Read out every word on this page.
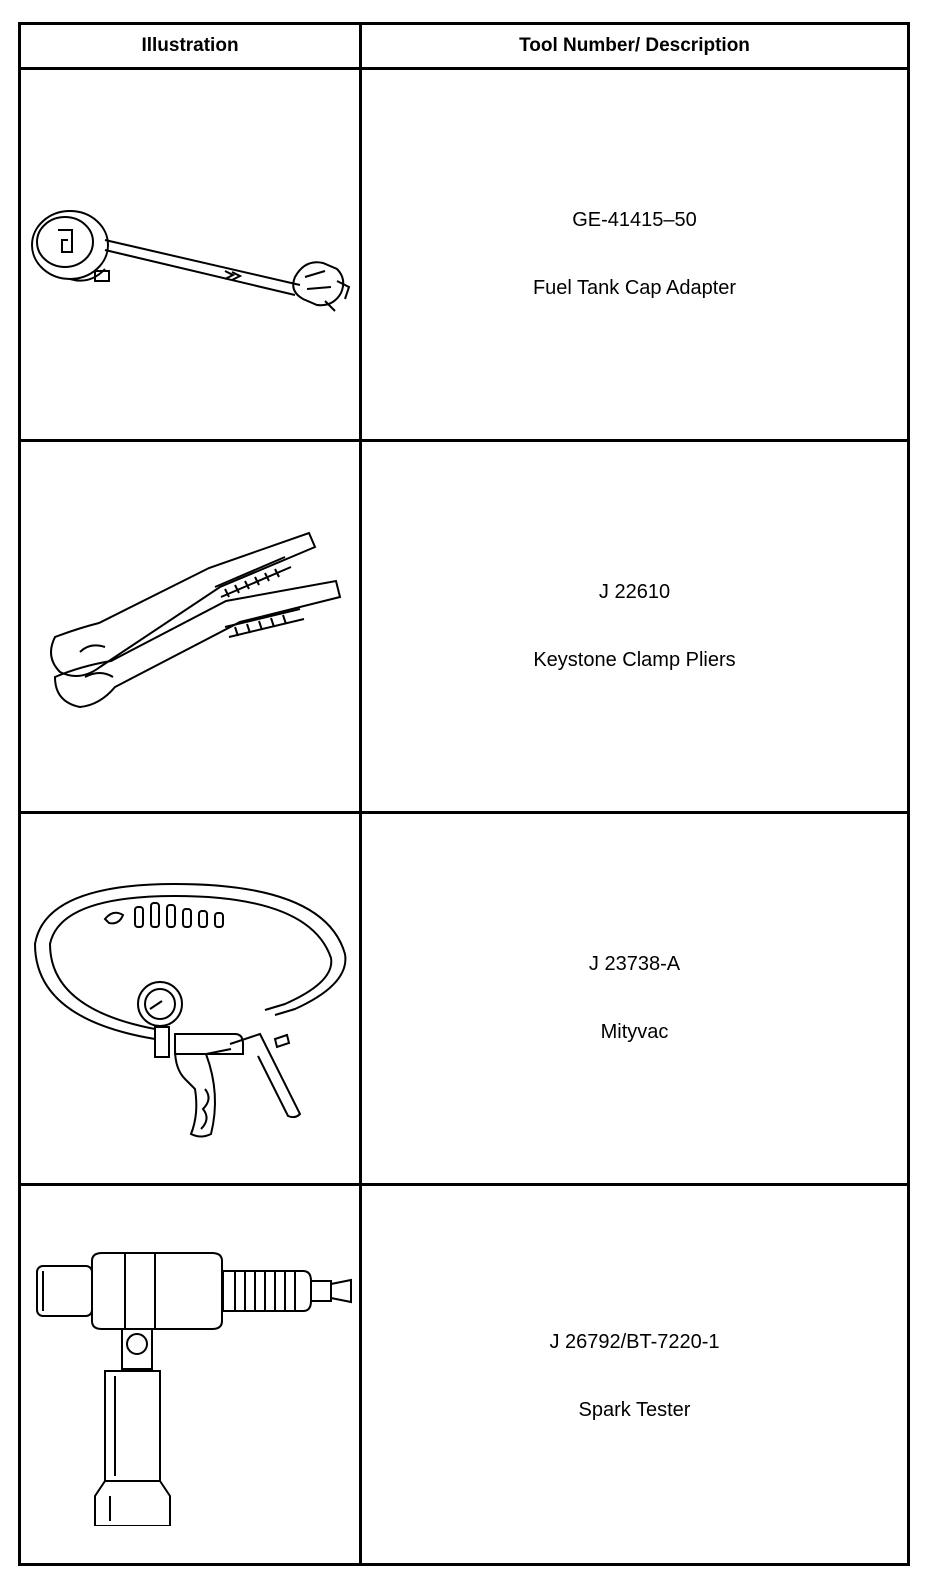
Illustration	Tool Number/ Description
GE-41415–50
Fuel Tank Cap Adapter
J 22610
Keystone Clamp Pliers
J 23738-A
Mityvac
J 26792/BT-7220-1
Spark Tester
